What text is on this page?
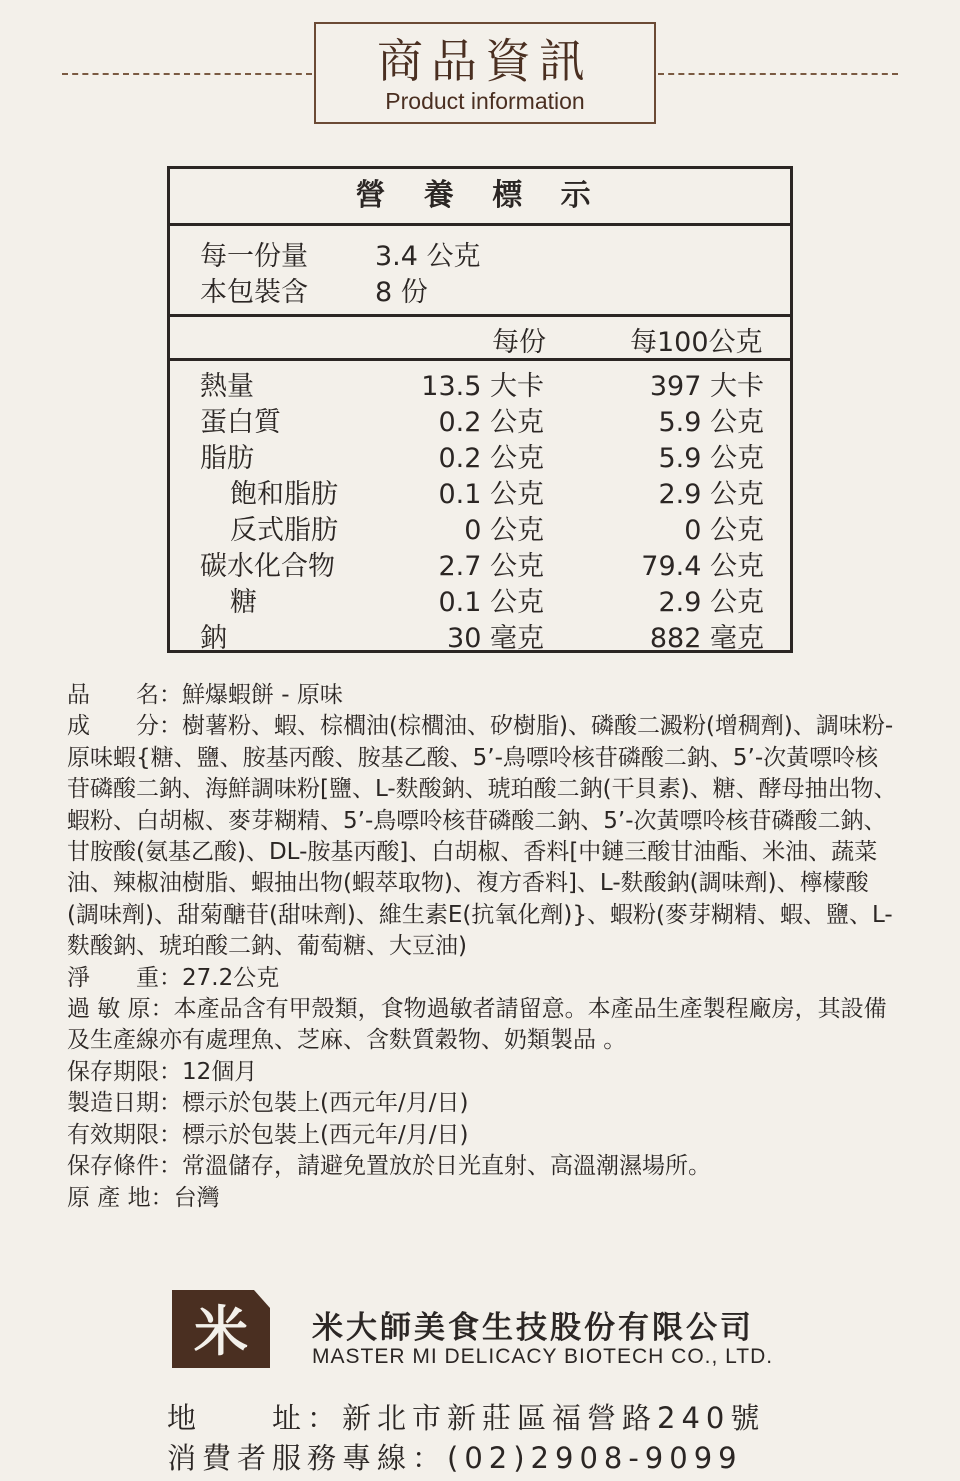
商品資訊
Product information
營 養 標 示
每一份量 3.4 公克
本包裝含 8 份
每份	每100公克
熱量	13.5 大卡	397 大卡
蛋白質	0.2 公克	5.9 公克
脂肪	0.2 公克	5.9 公克
飽和脂肪	0.1 公克	2.9 公克
反式脂肪	0 公克	0 公克
碳水化合物	2.7 公克	79.4 公克
糖	0.1 公克	2.9 公克
鈉	30 毫克	882 毫克

品　　名：鮮爆蝦餅 - 原味

成　　分：樹薯粉、蝦、棕櫚油(棕櫚油、矽樹脂)、磷酸二澱粉(增稠劑)、調味粉-原味蝦{糖、鹽、胺基丙酸、胺基乙酸、5’-鳥嘌呤核苷磷酸二鈉、5’-次黃嘌呤核苷磷酸二鈉、海鮮調味粉[鹽、L-麩酸鈉、琥珀酸二鈉(干貝素)、糖、酵母抽出物、蝦粉、白胡椒、麥芽糊精、5’-鳥嘌呤核苷磷酸二鈉、5’-次黃嘌呤核苷磷酸二鈉、甘胺酸(氨基乙酸)、DL-胺基丙酸]、白胡椒、香料[中鏈三酸甘油酯、米油、蔬菜油、辣椒油樹脂、蝦抽出物(蝦萃取物)、複方香料]、L-麩酸鈉(調味劑)、檸檬酸(調味劑)、甜菊醣苷(甜味劑)、維生素E(抗氧化劑)}、蝦粉(麥芽糊精、蝦、鹽、L-麩酸鈉、琥珀酸二鈉、葡萄糖、大豆油)

淨　　重：27.2公克

過 敏 原：本產品含有甲殼類，食物過敏者請留意。本產品生產製程廠房，其設備及生產線亦有處理魚、芝麻、含麩質穀物、奶類製品 。

保存期限：12個月

製造日期：標示於包裝上(西元年/月/日)

有效期限：標示於包裝上(西元年/月/日)

保存條件：常溫儲存，請避免置放於日光直射、高溫潮濕場所。

原 產 地：台灣

米 米大師美食生技股份有限公司
MASTER MI DELICACY BIOTECH CO., LTD.
地　　址：新北市新莊區福營路240號
消費者服務專線：(02)2908-9099
